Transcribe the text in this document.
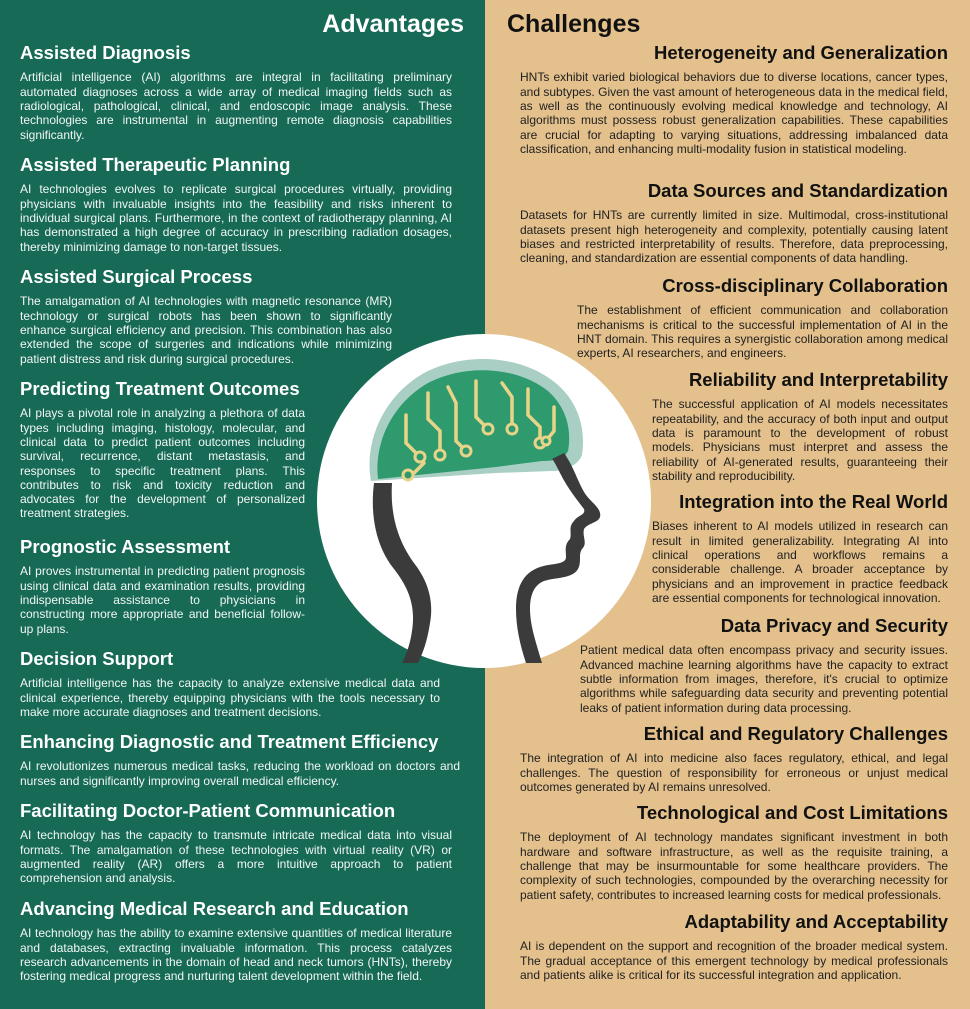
Advantages Challenges
Assisted Diagnosis

Artificial intelligence (AI) algorithms are integral in facilitating preliminary automated diagnoses across a wide array of medical imaging fields such as radiological, pathological, clinical, and endoscopic image analysis. These technologies are instrumental in augmenting remote diagnosis capabilities significantly.

Assisted Therapeutic Planning

AI technologies evolves to replicate surgical procedures virtually, providing physicians with invaluable insights into the feasibility and risks inherent to individual surgical plans. Furthermore, in the context of radiotherapy planning, AI has demonstrated a high degree of accuracy in prescribing radiation dosages, thereby minimizing damage to non-target tissues.

Assisted Surgical Process

The amalgamation of AI technologies with magnetic resonance (MR) technology or surgical robots has been shown to significantly enhance surgical efficiency and precision. This combination has also extended the scope of surgeries and indications while minimizing patient distress and risk during surgical procedures.

Predicting Treatment Outcomes

AI plays a pivotal role in analyzing a plethora of data types including imaging, histology, molecular, and clinical data to predict patient outcomes including survival, recurrence, distant metastasis, and responses to specific treatment plans. This contributes to risk and toxicity reduction and advocates for the development of personalized treatment strategies.

Prognostic Assessment

AI proves instrumental in predicting patient prognosis using clinical data and examination results, providing indispensable assistance to physicians in constructing more appropriate and beneficial follow-up plans.

Decision Support

Artificial intelligence has the capacity to analyze extensive medical data and clinical experience, thereby equipping physicians with the tools necessary to make more accurate diagnoses and treatment decisions.

Enhancing Diagnostic and Treatment Efficiency

AI revolutionizes numerous medical tasks, reducing the workload on doctors and nurses and significantly improving overall medical efficiency.

Facilitating Doctor-Patient Communication

AI technology has the capacity to transmute intricate medical data into visual formats. The amalgamation of these technologies with virtual reality (VR) or augmented reality (AR) offers a more intuitive approach to patient comprehension and analysis.

Advancing Medical Research and Education

AI technology has the ability to examine extensive quantities of medical literature and databases, extracting invaluable information. This process catalyzes research advancements in the domain of head and neck tumors (HNTs), thereby fostering medical progress and nurturing talent development within the field.

Heterogeneity and Generalization

HNTs exhibit varied biological behaviors due to diverse locations, cancer types, and subtypes. Given the vast amount of heterogeneous data in the medical field, as well as the continuously evolving medical knowledge and technology, AI algorithms must possess robust generalization capabilities. These capabilities are crucial for adapting to varying situations, addressing imbalanced data classification, and enhancing multi-modality fusion in statistical modeling.

Data Sources and Standardization

Datasets for HNTs are currently limited in size. Multimodal, cross-institutional datasets present high heterogeneity and complexity, potentially causing latent biases and restricted interpretability of results. Therefore, data preprocessing, cleaning, and standardization are essential components of data handling.

Cross-disciplinary Collaboration

The establishment of efficient communication and collaboration mechanisms is critical to the successful implementation of AI in the HNT domain. This requires a synergistic collaboration among medical experts, AI researchers, and engineers.

Reliability and Interpretability

The successful application of AI models necessitates repeatability, and the accuracy of both input and output data is paramount to the development of robust models. Physicians must interpret and assess the reliability of AI-generated results, guaranteeing their stability and reproducibility.

Integration into the Real World

Biases inherent to AI models utilized in research can result in limited generalizability. Integrating AI into clinical operations and workflows remains a considerable challenge. A broader acceptance by physicians and an improvement in practice feedback are essential components for technological innovation.

Data Privacy and Security

Patient medical data often encompass privacy and security issues. Advanced machine learning algorithms have the capacity to extract subtle information from images, therefore, it's crucial to optimize algorithms while safeguarding data security and preventing potential leaks of patient information during data processing.

Ethical and Regulatory Challenges

The integration of AI into medicine also faces regulatory, ethical, and legal challenges. The question of responsibility for erroneous or unjust medical outcomes generated by AI remains unresolved.

Technological and Cost Limitations

The deployment of AI technology mandates significant investment in both hardware and software infrastructure, as well as the requisite training, a challenge that may be insurmountable for some healthcare providers. The complexity of such technologies, compounded by the overarching necessity for patient safety, contributes to increased learning costs for medical professionals.

Adaptability and Acceptability

AI is dependent on the support and recognition of the broader medical system. The gradual acceptance of this emergent technology by medical professionals and patients alike is critical for its successful integration and application.
